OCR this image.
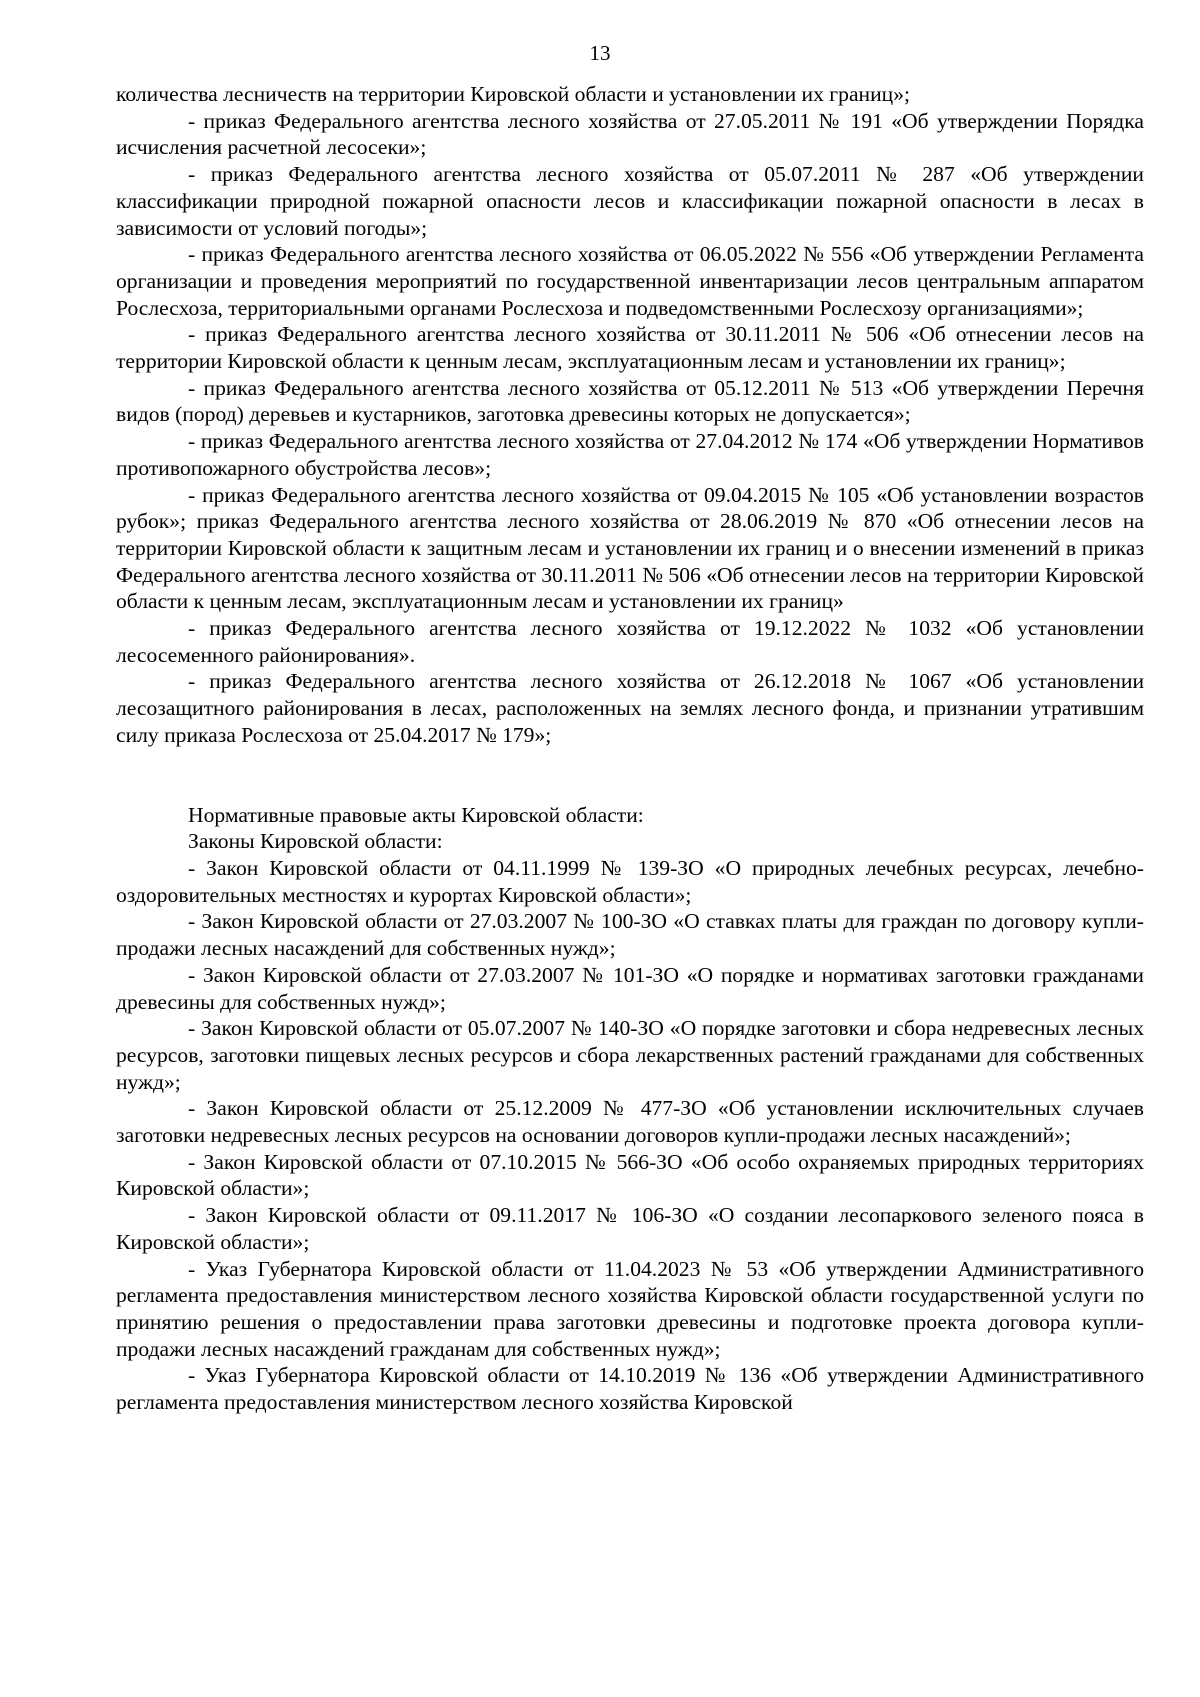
13

количества лесничеств на территории Кировской области и установлении их границ»;

- приказ Федерального агентства лесного хозяйства от 27.05.2011 № 191 «Об утверждении Порядка исчисления расчетной лесосеки»;

- приказ Федерального агентства лесного хозяйства от 05.07.2011 № 287 «Об утверждении классификации природной пожарной опасности лесов и классификации пожарной опасности в лесах в зависимости от условий погоды»;

- приказ Федерального агентства лесного хозяйства от 06.05.2022 № 556 «Об утверждении Регламента организации и проведения мероприятий по государственной инвентаризации лесов центральным аппаратом Рослесхоза, территориальными органами Рослесхоза и подведомственными Рослесхозу организациями»;

- приказ Федерального агентства лесного хозяйства от 30.11.2011 № 506 «Об отнесении лесов на территории Кировской области к ценным лесам, эксплуатационным лесам и установлении их границ»;

- приказ Федерального агентства лесного хозяйства от 05.12.2011 № 513 «Об утверждении Перечня видов (пород) деревьев и кустарников, заготовка древесины которых не допускается»;

- приказ Федерального агентства лесного хозяйства от 27.04.2012 № 174 «Об утверждении Нормативов противопожарного обустройства лесов»;

- приказ Федерального агентства лесного хозяйства от 09.04.2015 № 105 «Об установлении возрастов рубок»; приказ Федерального агентства лесного хозяйства от 28.06.2019 № 870 «Об отнесении лесов на территории Кировской области к защитным лесам и установлении их границ и о внесении изменений в приказ Федерального агентства лесного хозяйства от 30.11.2011 № 506 «Об отнесении лесов на территории Кировской области к ценным лесам, эксплуатационным лесам и установлении их границ»

- приказ Федерального агентства лесного хозяйства от 19.12.2022 № 1032 «Об установлении лесосеменного районирования».

- приказ Федерального агентства лесного хозяйства от 26.12.2018 № 1067 «Об установлении лесозащитного районирования в лесах, расположенных на землях лесного фонда, и признании утратившим силу приказа Рослесхоза от 25.04.2017 № 179»;

Нормативные правовые акты Кировской области:

Законы Кировской области:

- Закон Кировской области от 04.11.1999 № 139-ЗО «О природных лечебных ресурсах, лечебно-оздоровительных местностях и курортах Кировской области»;

- Закон Кировской области от 27.03.2007 № 100-ЗО «О ставках платы для граждан по договору купли-продажи лесных насаждений для собственных нужд»;

- Закон Кировской области от 27.03.2007 № 101-ЗО «О порядке и нормативах заготовки гражданами древесины для собственных нужд»;

- Закон Кировской области от 05.07.2007 № 140-ЗО «О порядке заготовки и сбора недревесных лесных ресурсов, заготовки пищевых лесных ресурсов и сбора лекарственных растений гражданами для собственных нужд»;

- Закон Кировской области от 25.12.2009 № 477-ЗО «Об установлении исключительных случаев заготовки недревесных лесных ресурсов на основании договоров купли-продажи лесных насаждений»;

- Закон Кировской области от 07.10.2015 № 566-ЗО «Об особо охраняемых природных территориях Кировской области»;

- Закон Кировской области от 09.11.2017 № 106-ЗО «О создании лесопаркового зеленого пояса в Кировской области»;

- Указ Губернатора Кировской области от 11.04.2023 № 53 «Об утверждении Административного регламента предоставления министерством лесного хозяйства Кировской области государственной услуги по принятию решения о предоставлении права заготовки древесины и подготовке проекта договора купли-продажи лесных насаждений гражданам для собственных нужд»;

- Указ Губернатора Кировской области от 14.10.2019 № 136 «Об утверждении Административного регламента предоставления министерством лесного хозяйства Кировской
